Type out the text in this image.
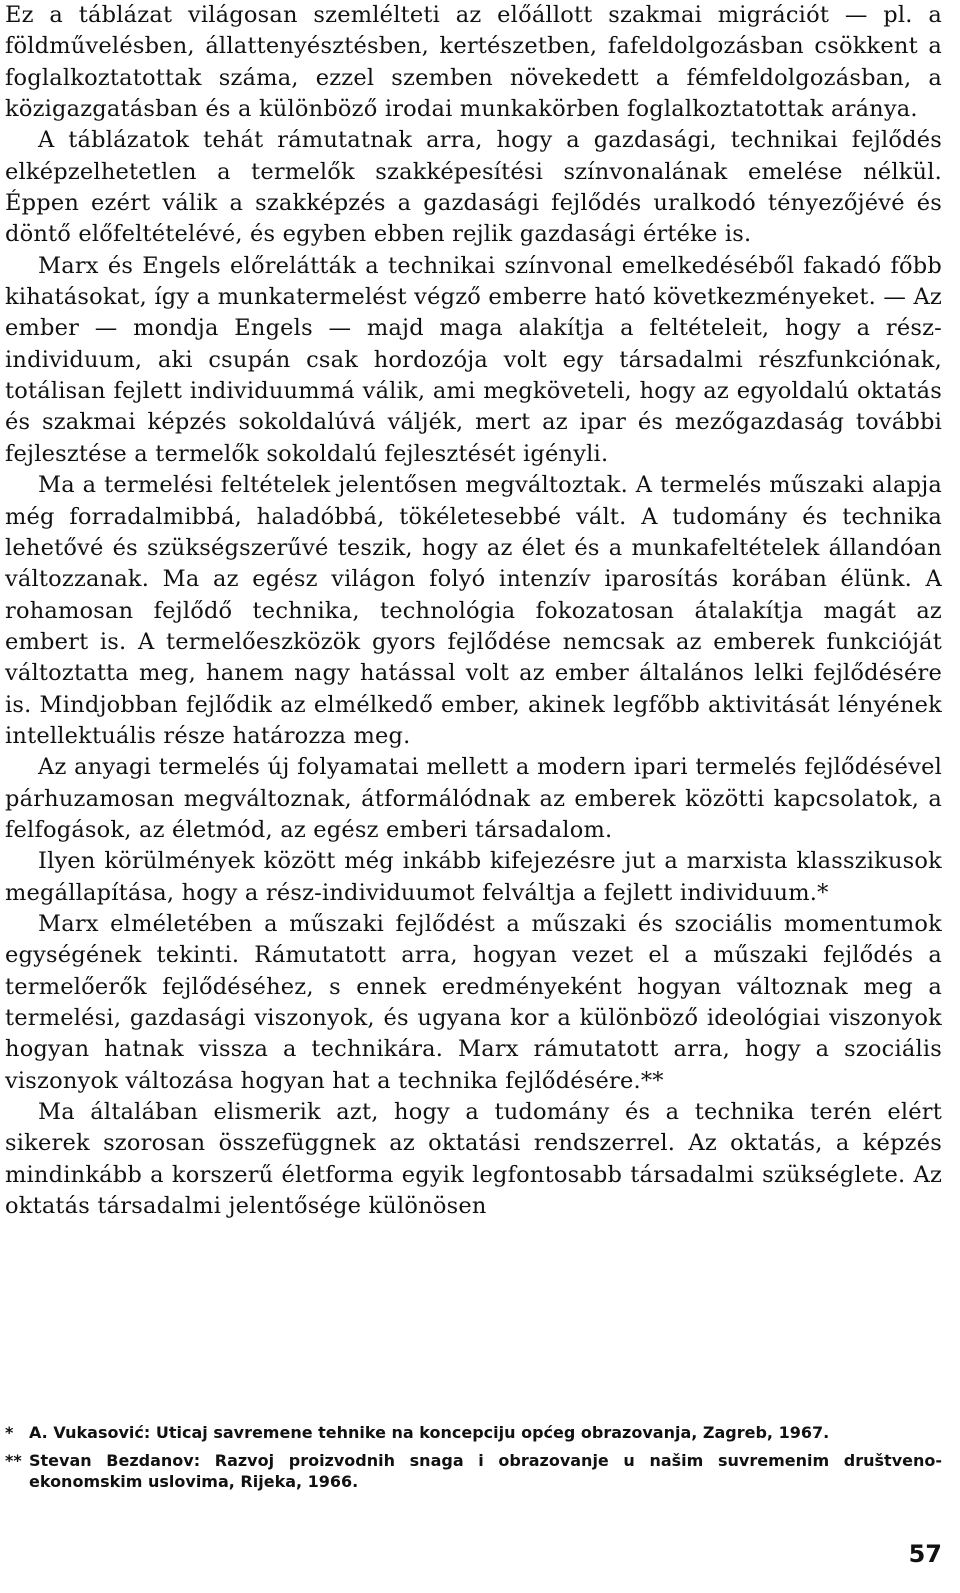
Ez a táblázat világosan szemlélteti az előállott szakmai migrációt — pl. a földművelésben, állattenyésztésben, kertészetben, fafeldolgozásban csökkent a foglalkoztatottak száma, ezzel szemben növekedett a fémfeldolgozásban, a közigazgatásban és a különböző irodai munkakörben foglalkoztatottak aránya.

A táblázatok tehát rámutatnak arra, hogy a gazdasági, technikai fejlődés elképzelhetetlen a termelők szakképesítési színvonalának emelése nélkül. Éppen ezért válik a szakképzés a gazdasági fejlődés uralkodó tényezőjévé és döntő előfeltételévé, és egyben ebben rejlik gazdasági értéke is.

Marx és Engels előrelátták a technikai színvonal emelkedéséből fakadó főbb kihatásokat, így a munkatermelést végző emberre ható következményeket. — Az ember — mondja Engels — majd maga alakítja a feltételeit, hogy a rész-individuum, aki csupán csak hordozója volt egy társadalmi részfunkciónak, totálisan fejlett individuummá válik, ami megköveteli, hogy az egyoldalú oktatás és szakmai képzés sokoldalúvá váljék, mert az ipar és mezőgazdaság további fejlesztése a termelők sokoldalú fejlesztését igényli.

Ma a termelési feltételek jelentősen megváltoztak. A termelés műszaki alapja még forradalmibbá, haladóbbá, tökéletesebbé vált. A tudomány és technika lehetővé és szükségszerűvé teszik, hogy az élet és a munkafeltételek állandóan változzanak. Ma az egész világon folyó intenzív iparosítás korában élünk. A rohamosan fejlődő technika, technológia fokozatosan átalakítja magát az embert is. A termelőeszközök gyors fejlődése nemcsak az emberek funkcióját változtatta meg, hanem nagy hatással volt az ember általános lelki fejlődésére is. Mindjobban fejlődik az elmélkedő ember, akinek legfőbb aktivitását lényének intellektuális része határozza meg.

Az anyagi termelés új folyamatai mellett a modern ipari termelés fejlődésével párhuzamosan megváltoznak, átformálódnak az emberek közötti kapcsolatok, a felfogások, az életmód, az egész emberi társadalom.

Ilyen körülmények között még inkább kifejezésre jut a marxista klasszikusok megállapítása, hogy a rész-individuumot felváltja a fejlett individuum.*

Marx elméletében a műszaki fejlődést a műszaki és szociális momentumok egységének tekinti. Rámutatott arra, hogyan vezet el a műszaki fejlődés a termelőerők fejlődéséhez, s ennek eredményeként hogyan változnak meg a termelési, gazdasági viszonyok, és ugyana kor a különböző ideológiai viszonyok hogyan hatnak vissza a technikára. Marx rámutatott arra, hogy a szociális viszonyok változása hogyan hat a technika fejlődésére.**

Ma általában elismerik azt, hogy a tudomány és a technika terén elért sikerek szorosan összefüggnek az oktatási rendszerrel. Az oktatás, a képzés mindinkább a korszerű életforma egyik legfontosabb társadalmi szükséglete. Az oktatás társadalmi jelentősége különösen

* A. Vukasović: Uticaj savremene tehnike na koncepciju općeg obrazovanja, Zagreb, 1967.
** Stevan Bezdanov: Razvoj proizvodnih snaga i obrazovanje u našim suvremenim društveno-ekonomskim uslovima, Rijeka, 1966.
57
